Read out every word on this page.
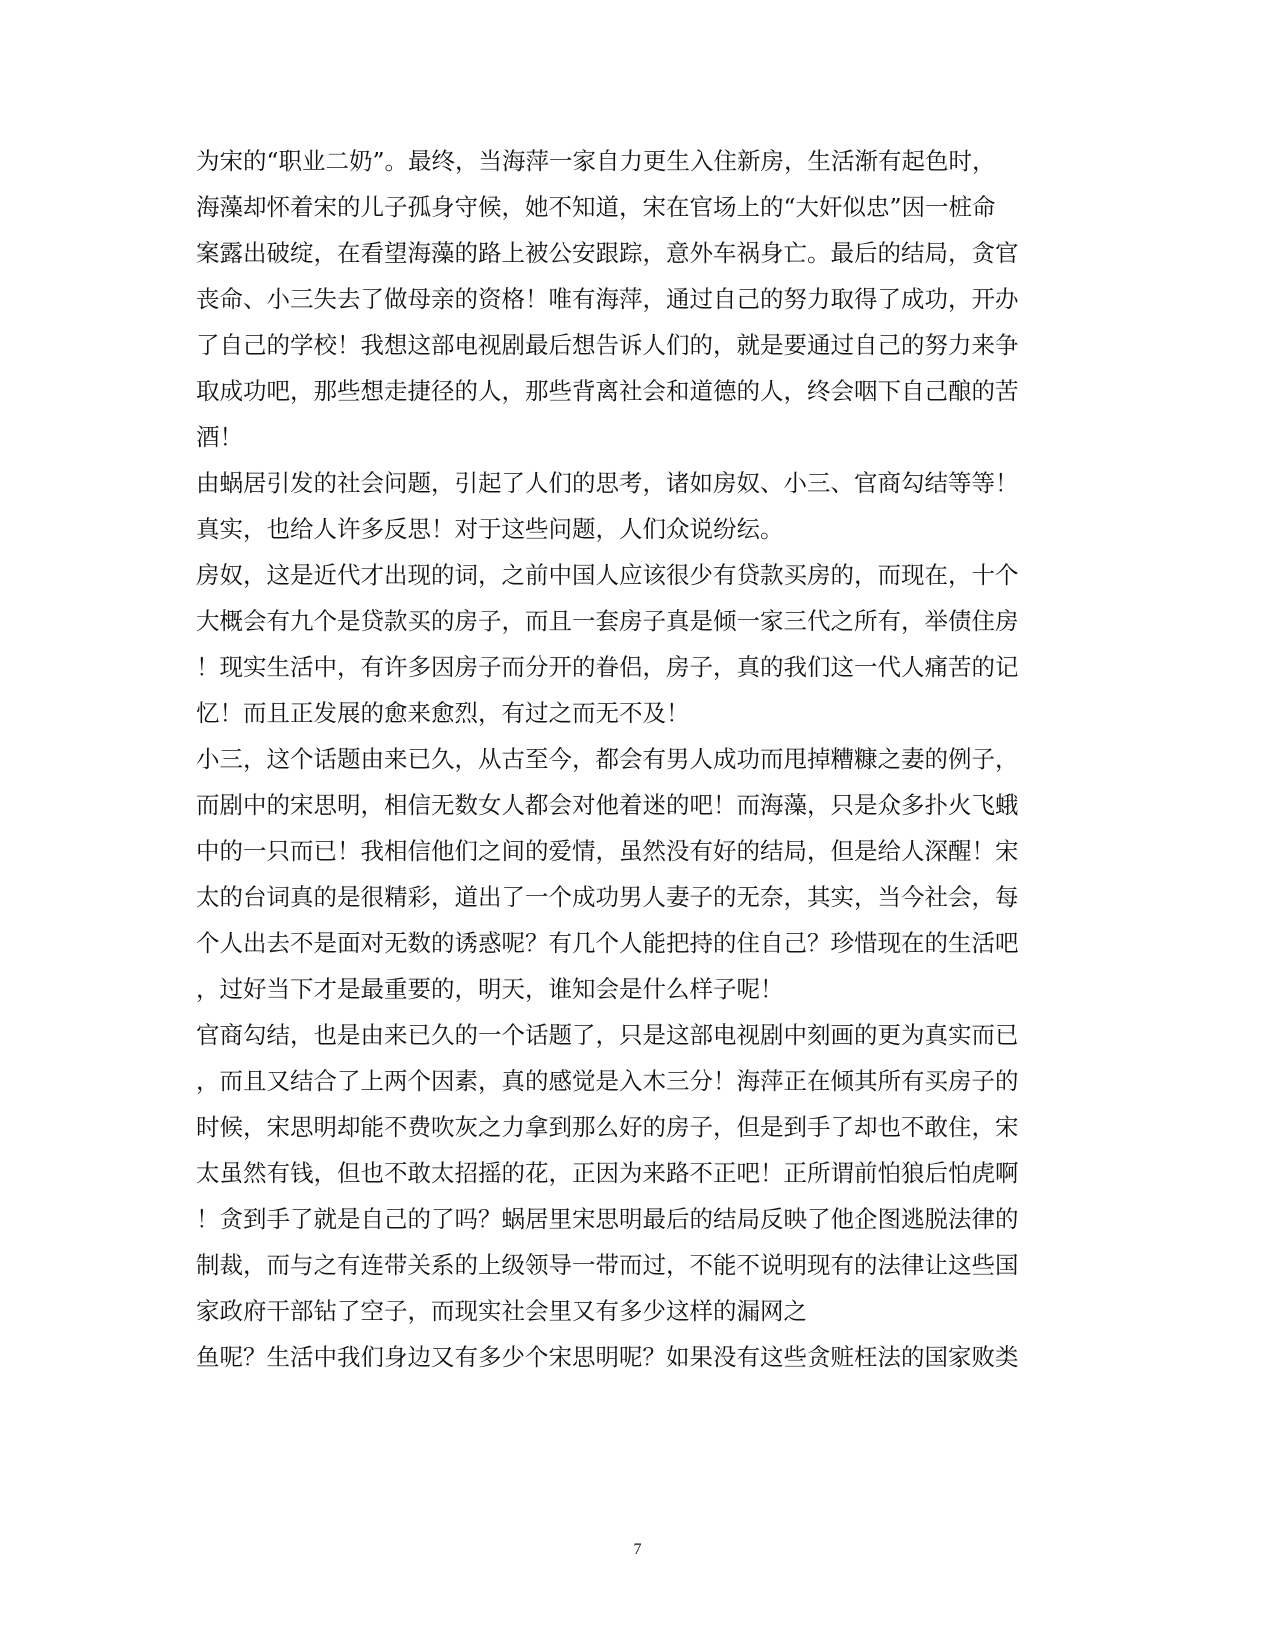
为宋的“职业二奶”。最终，当海萍一家自力更生入住新房，生活渐有起色时，
海藻却怀着宋的儿子孤身守候，她不知道，宋在官场上的“大奸似忠”因一桩命
案露出破绽，在看望海藻的路上被公安跟踪，意外车祸身亡。最后的结局，贪官
丧命、小三失去了做母亲的资格！唯有海萍，通过自己的努力取得了成功，开办
了自己的学校！我想这部电视剧最后想告诉人们的，就是要通过自己的努力来争
取成功吧，那些想走捷径的人，那些背离社会和道德的人，终会咽下自己酿的苦
酒！
由蜗居引发的社会问题，引起了人们的思考，诸如房奴、小三、官商勾结等等！
真实，也给人许多反思！对于这些问题，人们众说纷纭。
房奴，这是近代才出现的词，之前中国人应该很少有贷款买房的，而现在，十个
大概会有九个是贷款买的房子，而且一套房子真是倾一家三代之所有，举债住房
！现实生活中，有许多因房子而分开的眷侣，房子，真的我们这一代人痛苦的记
忆！而且正发展的愈来愈烈，有过之而无不及！
小三，这个话题由来已久，从古至今，都会有男人成功而甩掉糟糠之妻的例子，
而剧中的宋思明，相信无数女人都会对他着迷的吧！而海藻，只是众多扑火飞蛾
中的一只而已！我相信他们之间的爱情，虽然没有好的结局，但是给人深醒！宋
太的台词真的是很精彩，道出了一个成功男人妻子的无奈，其实，当今社会，每
个人出去不是面对无数的诱惑呢？有几个人能把持的住自己？珍惜现在的生活吧
，过好当下才是最重要的，明天，谁知会是什么样子呢！
官商勾结，也是由来已久的一个话题了，只是这部电视剧中刻画的更为真实而已
，而且又结合了上两个因素，真的感觉是入木三分！海萍正在倾其所有买房子的
时候，宋思明却能不费吹灰之力拿到那么好的房子，但是到手了却也不敢住，宋
太虽然有钱，但也不敢太招摇的花，正因为来路不正吧！正所谓前怕狼后怕虎啊
！贪到手了就是自己的了吗？蜗居里宋思明最后的结局反映了他企图逃脱法律的
制裁，而与之有连带关系的上级领导一带而过，不能不说明现有的法律让这些国
家政府干部钻了空子，而现实社会里又有多少这样的漏网之
鱼呢？生活中我们身边又有多少个宋思明呢？如果没有这些贪赃枉法的国家败类
7
